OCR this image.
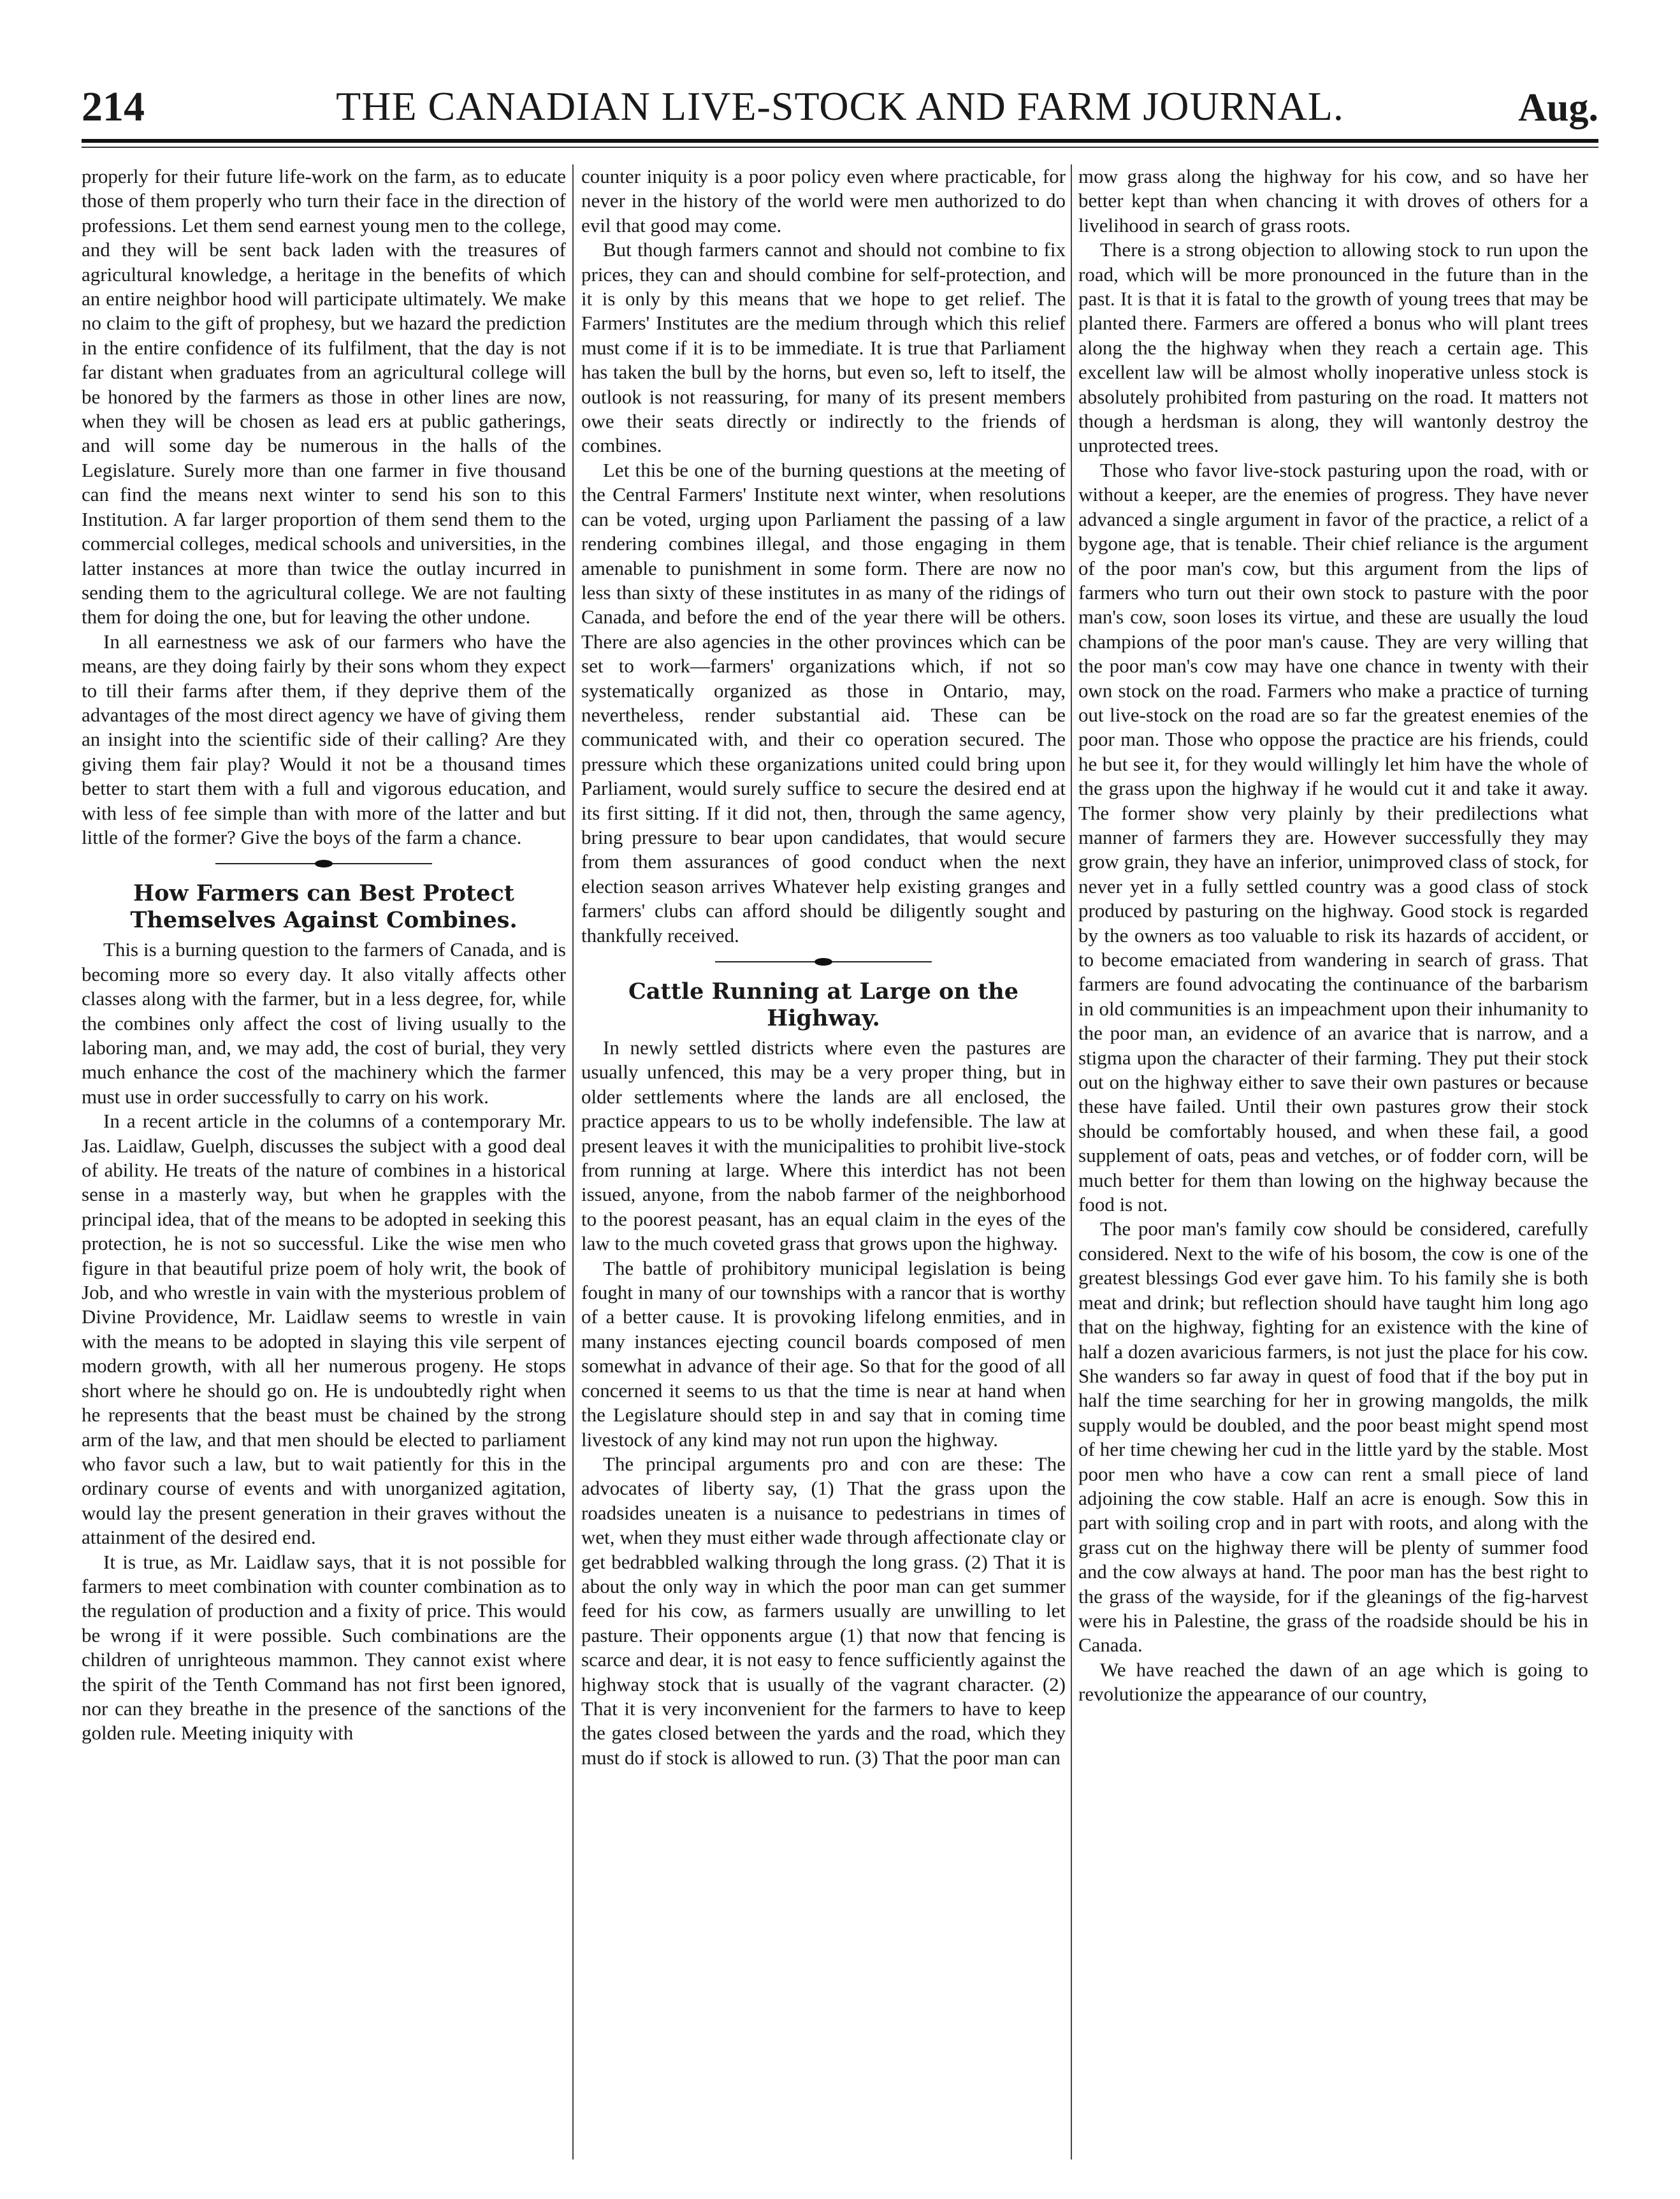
214	THE CANADIAN LIVE-STOCK AND FARM JOURNAL.	Aug.

properly for their future life-work on the farm, as to educate those of them properly who turn their face in the direction of professions. Let them send earnest young men to the college, and they will be sent back laden with the treasures of agricultural knowledge, a heritage in the benefits of which an entire neighbor hood will participate ultimately. We make no claim to the gift of prophesy, but we hazard the prediction in the entire confidence of its fulfilment, that the day is not far distant when graduates from an agricultural college will be honored by the farmers as those in other lines are now, when they will be chosen as lead ers at public gatherings, and will some day be numerous in the halls of the Legislature. Surely more than one farmer in five thousand can find the means next winter to send his son to this Institution. A far larger proportion of them send them to the commercial colleges, medical schools and universities, in the latter instances at more than twice the outlay incurred in sending them to the agricultural college. We are not faulting them for doing the one, but for leaving the other undone.

In all earnestness we ask of our farmers who have the means, are they doing fairly by their sons whom they expect to till their farms after them, if they deprive them of the advantages of the most direct agency we have of giving them an insight into the scientific side of their calling? Are they giving them fair play? Would it not be a thousand times better to start them with a full and vigorous education, and with less of fee simple than with more of the latter and but little of the former? Give the boys of the farm a chance.

How Farmers can Best Protect Themselves Against Combines.

This is a burning question to the farmers of Canada, and is becoming more so every day. It also vitally affects other classes along with the farmer, but in a less degree, for, while the combines only affect the cost of living usually to the laboring man, and, we may add, the cost of burial, they very much enhance the cost of the machinery which the farmer must use in order successfully to carry on his work.

In a recent article in the columns of a contemporary Mr. Jas. Laidlaw, Guelph, discusses the subject with a good deal of ability. He treats of the nature of combines in a historical sense in a masterly way, but when he grapples with the principal idea, that of the means to be adopted in seeking this protection, he is not so successful. Like the wise men who figure in that beautiful prize poem of holy writ, the book of Job, and who wrestle in vain with the mysterious problem of Divine Providence, Mr. Laidlaw seems to wrestle in vain with the means to be adopted in slaying this vile serpent of modern growth, with all her numerous progeny. He stops short where he should go on. He is undoubtedly right when he represents that the beast must be chained by the strong arm of the law, and that men should be elected to parliament who favor such a law, but to wait patiently for this in the ordinary course of events and with unorganized agitation, would lay the present generation in their graves without the attainment of the desired end.

It is true, as Mr. Laidlaw says, that it is not possible for farmers to meet combination with counter combination as to the regulation of production and a fixity of price. This would be wrong if it were possible. Such combinations are the children of unrighteous mammon. They cannot exist where the spirit of the Tenth Command has not first been ignored, nor can they breathe in the presence of the sanctions of the golden rule. Meeting iniquity with

counter iniquity is a poor policy even where practicable, for never in the history of the world were men authorized to do evil that good may come.

But though farmers cannot and should not combine to fix prices, they can and should combine for self-protection, and it is only by this means that we hope to get relief. The Farmers' Institutes are the medium through which this relief must come if it is to be immediate. It is true that Parliament has taken the bull by the horns, but even so, left to itself, the outlook is not reassuring, for many of its present members owe their seats directly or indirectly to the friends of combines.

Let this be one of the burning questions at the meeting of the Central Farmers' Institute next winter, when resolutions can be voted, urging upon Parliament the passing of a law rendering combines illegal, and those engaging in them amenable to punishment in some form. There are now no less than sixty of these institutes in as many of the ridings of Canada, and before the end of the year there will be others. There are also agencies in the other provinces which can be set to work—farmers' organizations which, if not so systematically organized as those in Ontario, may, nevertheless, render substantial aid. These can be communicated with, and their co operation secured. The pressure which these organizations united could bring upon Parliament, would surely suffice to secure the desired end at its first sitting. If it did not, then, through the same agency, bring pressure to bear upon candidates, that would secure from them assurances of good conduct when the next election season arrives Whatever help existing granges and farmers' clubs can afford should be diligently sought and thankfully received.

Cattle Running at Large on the Highway.

In newly settled districts where even the pastures are usually unfenced, this may be a very proper thing, but in older settlements where the lands are all enclosed, the practice appears to us to be wholly indefensible. The law at present leaves it with the municipalities to prohibit live-stock from running at large. Where this interdict has not been issued, anyone, from the nabob farmer of the neighborhood to the poorest peasant, has an equal claim in the eyes of the law to the much coveted grass that grows upon the highway.

The battle of prohibitory municipal legislation is being fought in many of our townships with a rancor that is worthy of a better cause. It is provoking lifelong enmities, and in many instances ejecting council boards composed of men somewhat in advance of their age. So that for the good of all concerned it seems to us that the time is near at hand when the Legislature should step in and say that in coming time livestock of any kind may not run upon the highway.

The principal arguments pro and con are these: The advocates of liberty say, (1) That the grass upon the roadsides uneaten is a nuisance to pedestrians in times of wet, when they must either wade through affectionate clay or get bedrabbled walking through the long grass. (2) That it is about the only way in which the poor man can get summer feed for his cow, as farmers usually are unwilling to let pasture. Their opponents argue (1) that now that fencing is scarce and dear, it is not easy to fence sufficiently against the highway stock that is usually of the vagrant character. (2) That it is very inconvenient for the farmers to have to keep the gates closed between the yards and the road, which they must do if stock is allowed to run. (3) That the poor man can

mow grass along the highway for his cow, and so have her better kept than when chancing it with droves of others for a livelihood in search of grass roots.

There is a strong objection to allowing stock to run upon the road, which will be more pronounced in the future than in the past. It is that it is fatal to the growth of young trees that may be planted there. Farmers are offered a bonus who will plant trees along the the highway when they reach a certain age. This excellent law will be almost wholly inoperative unless stock is absolutely prohibited from pasturing on the road. It matters not though a herdsman is along, they will wantonly destroy the unprotected trees.

Those who favor live-stock pasturing upon the road, with or without a keeper, are the enemies of progress. They have never advanced a single argument in favor of the practice, a relict of a bygone age, that is tenable. Their chief reliance is the argument of the poor man's cow, but this argument from the lips of farmers who turn out their own stock to pasture with the poor man's cow, soon loses its virtue, and these are usually the loud champions of the poor man's cause. They are very willing that the poor man's cow may have one chance in twenty with their own stock on the road. Farmers who make a practice of turning out live-stock on the road are so far the greatest enemies of the poor man. Those who oppose the practice are his friends, could he but see it, for they would willingly let him have the whole of the grass upon the highway if he would cut it and take it away. The former show very plainly by their predilections what manner of farmers they are. However successfully they may grow grain, they have an inferior, unimproved class of stock, for never yet in a fully settled country was a good class of stock produced by pasturing on the highway. Good stock is regarded by the owners as too valuable to risk its hazards of accident, or to become emaciated from wandering in search of grass. That farmers are found advocating the continuance of the barbarism in old communities is an impeachment upon their inhumanity to the poor man, an evidence of an avarice that is narrow, and a stigma upon the character of their farming. They put their stock out on the highway either to save their own pastures or because these have failed. Until their own pastures grow their stock should be comfortably housed, and when these fail, a good supplement of oats, peas and vetches, or of fodder corn, will be much better for them than lowing on the highway because the food is not.

The poor man's family cow should be considered, carefully considered. Next to the wife of his bosom, the cow is one of the greatest blessings God ever gave him. To his family she is both meat and drink; but reflection should have taught him long ago that on the highway, fighting for an existence with the kine of half a dozen avaricious farmers, is not just the place for his cow. She wanders so far away in quest of food that if the boy put in half the time searching for her in growing mangolds, the milk supply would be doubled, and the poor beast might spend most of her time chewing her cud in the little yard by the stable. Most poor men who have a cow can rent a small piece of land adjoining the cow stable. Half an acre is enough. Sow this in part with soiling crop and in part with roots, and along with the grass cut on the highway there will be plenty of summer food and the cow always at hand. The poor man has the best right to the grass of the wayside, for if the gleanings of the fig-harvest were his in Palestine, the grass of the roadside should be his in Canada.

We have reached the dawn of an age which is going to revolutionize the appearance of our country,
